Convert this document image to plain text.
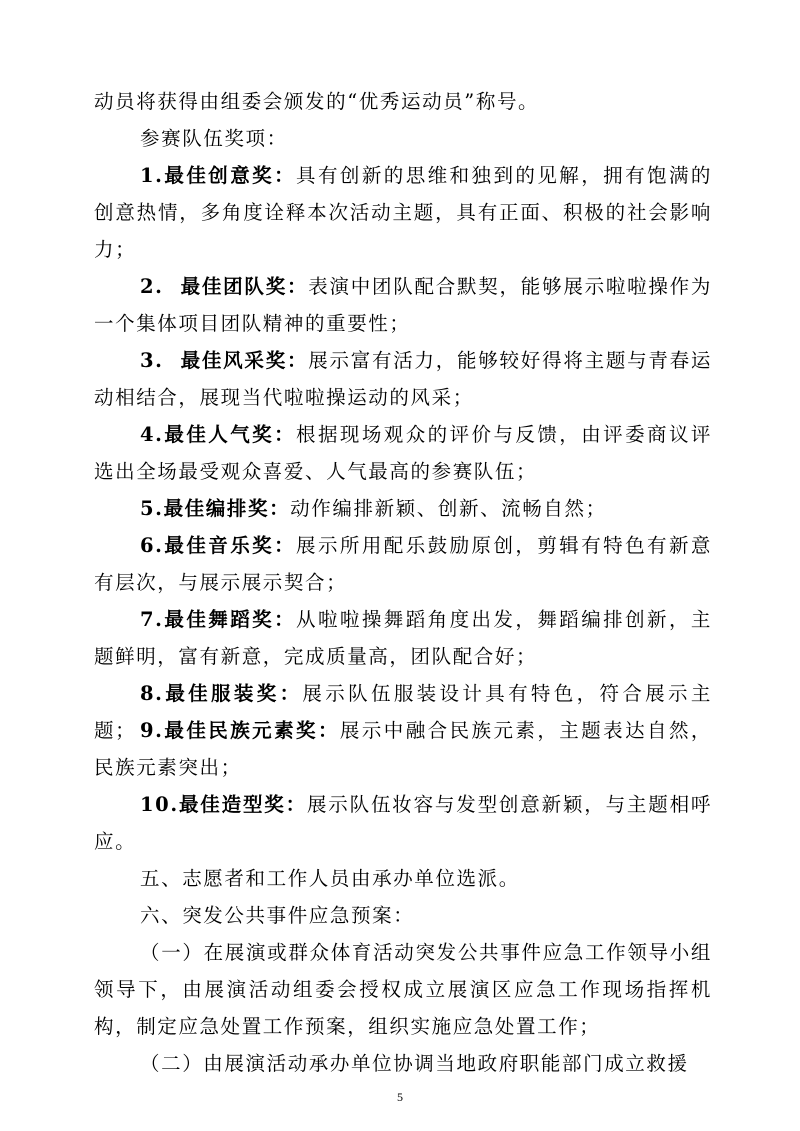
动员将获得由组委会颁发的“优秀运动员”称号。

参赛队伍奖项：

1.最佳创意奖：具有创新的思维和独到的见解，拥有饱满的创意热情，多角度诠释本次活动主题，具有正面、积极的社会影响力；

2.  最佳团队奖：表演中团队配合默契，能够展示啦啦操作为一个集体项目团队精神的重要性；

3.  最佳风采奖：展示富有活力，能够较好得将主题与青春运动相结合，展现当代啦啦操运动的风采；

4.最佳人气奖：根据现场观众的评价与反馈，由评委商议评选出全场最受观众喜爱、人气最高的参赛队伍；

5.最佳编排奖：动作编排新颖、创新、流畅自然；

6.最佳音乐奖：展示所用配乐鼓励原创，剪辑有特色有新意有层次，与展示展示契合；

7.最佳舞蹈奖：从啦啦操舞蹈角度出发，舞蹈编排创新，主题鲜明，富有新意，完成质量高，团队配合好；

8.最佳服装奖：展示队伍服装设计具有特色，符合展示主题； 9.最佳民族元素奖：展示中融合民族元素，主题表达自然，民族元素突出；

10.最佳造型奖：展示队伍妆容与发型创意新颖，与主题相呼应。

五、志愿者和工作人员由承办单位选派。

六、突发公共事件应急预案：

（一）在展演或群众体育活动突发公共事件应急工作领导小组领导下，由展演活动组委会授权成立展演区应急工作现场指挥机构，制定应急处置工作预案，组织实施应急处置工作；

（二）由展演活动承办单位协调当地政府职能部门成立救援

5
